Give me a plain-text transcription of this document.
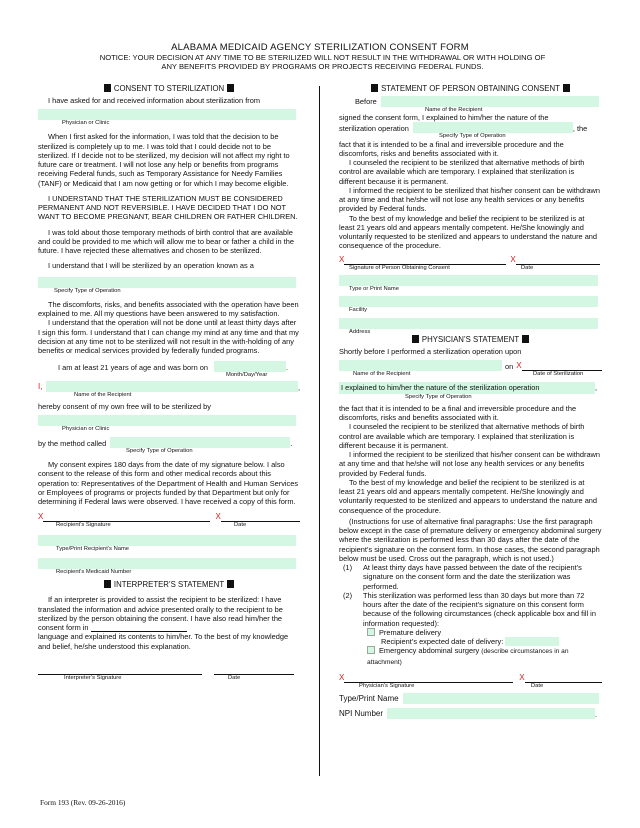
ALABAMA MEDICAID AGENCY STERILIZATION CONSENT FORM
NOTICE: YOUR DECISION AT ANY TIME TO BE STERILIZED WILL NOT RESULT IN THE WITHDRAWAL OR WITH HOLDING OF
ANY BENEFITS PROVIDED BY PROGRAMS OR PROJECTS RECEIVING FEDERAL FUNDS.
CONSENT TO STERILIZATION

I have asked for and received information about sterilization from

Physician or Clinic

When I first asked for the information, I was told that the decision to be sterilized is completely up to me. I was told that I could decide not to be sterilized. If I decide not to be sterilized, my decision will not affect my right to future care or treatment. I will not lose any help or benefits from programs receiving Federal funds, such as Temporary Assistance for Needy Families (TANF) or Medicaid that I am now getting or for which I may become eligible.

I UNDERSTAND THAT THE STERILIZATION MUST BE CONSIDERED PERMANENT AND NOT REVERSIBLE. I HAVE DECIDED THAT I DO NOT WANT TO BECOME PREGNANT, BEAR CHILDREN OR FATHER CHILDREN.

I was told about those temporary methods of birth control that are available and could be provided to me which will allow me to bear or father a child in the future. I have rejected these alternatives and chosen to be sterilized.

I understand that I will be sterilized by an operation known as a

Specify Type of Operation

The discomforts, risks, and benefits associated with the operation have been explained to me. All my questions have been answered to my satisfaction.

I understand that the operation will not be done until at least thirty days after I sign this form. I understand that I can change my mind at any time and that my decision at any time not to be sterilized will not result in the with-holding of any benefits or medical services provided by federally funded programs.

I am at least 21 years of age and was born on	.
Month/Day/Year
I,	,
Name of the Recipient

hereby consent of my own free will to be sterilized by

Physician or Clinic
by the method called	.
Specify Type of Operation

My consent expires 180 days from the date of my signature below. I also consent to the release of this form and other medical records about this operation to: Representatives of the Department of Health and Human Services or Employees of programs or projects funded by that Department but only for determining if Federal laws were observed. I have received a copy of this form.

X	X
Recipient’s Signature	Date
Type/Print Recipient’s Name
Recipient’s Medicaid Number
INTERPRETER’S STATEMENT

If an interpreter is provided to assist the recipient to be sterilized: I have translated the information and advice presented orally to the recipient to be sterilized by the person obtaining the consent. I have also read him/her the consent form in

language and explained its contents to him/her. To the best of my knowledge and belief, he/she understood this explanation.

Interpreter’s Signature	Date
STATEMENT OF PERSON OBTAINING CONSENT
Before
Name of the Recipient

signed the consent form, I explained to him/her the nature of the

sterilization operation	, the
Specify Type of Operation

fact that it is intended to be a final and irreversible procedure and the discomforts, risks and benefits associated with it.

I counseled the recipient to be sterilized that alternative methods of birth control are available which are temporary. I explained that sterilization is different because it is permanent.

I informed the recipient to be sterilized that his/her consent can be withdrawn at any time and that he/she will not lose any health services or any benefits provided by Federal funds.

To the best of my knowledge and belief the recipient to be sterilized is at least 21 years old and appears mentally competent. He/She knowingly and voluntarily requested to be sterilized and appears to understand the nature and consequence of the procedure.

X	X
Signature of Person Obtaining Consent	Date
Type or Print Name
Facility
Address
PHYSICIAN’S STATEMENT

Shortly before I performed a sterilization operation upon

on X
Name of the Recipient	Date of Sterilization
I explained to him/her the nature of the sterilization operation	,
Specify Type of Operation

the fact that it is intended to be a final and irreversible procedure and the discomforts, risks and benefits associated with it.

I counseled the recipient to be sterilized that alternative methods of birth control are available which are temporary. I explained that sterilization is different because it is permanent.

I informed the recipient to be sterilized that his/her consent can be withdrawn at any time and that he/she will not lose any health services or any benefits provided by Federal funds.

To the best of my knowledge and belief the recipient to be sterilized is at least 21 years old and appears mentally competent. He/She knowingly and voluntarily requested to be sterilized and appears to understand the nature and consequence of the procedure.

(Instructions for use of alternative final paragraphs: Use the first paragraph below except in the case of premature delivery or emergency abdominal surgery where the sterilization is performed less than 30 days after the date of the recipient’s signature on the consent form. In those cases, the second paragraph below must be used. Cross out the paragraph, which is not used.)

(1)	At least thirty days have passed between the date of the recipient’s signature on the consent form and the date the sterilization was performed.
(2)	This sterilization was performed less than 30 days but more than 72 hours after the date of the recipient’s signature on this consent form because of the following circumstances (check applicable box and fill in information requested):
Premature delivery
Recipient’s expected date of delivery:
Emergency abdominal surgery (describe circumstances in an attachment)
X	X
Physician’s Signature	Date
Type/Print Name
NPI Number	.
Form 193 (Rev. 09-26-2016)
